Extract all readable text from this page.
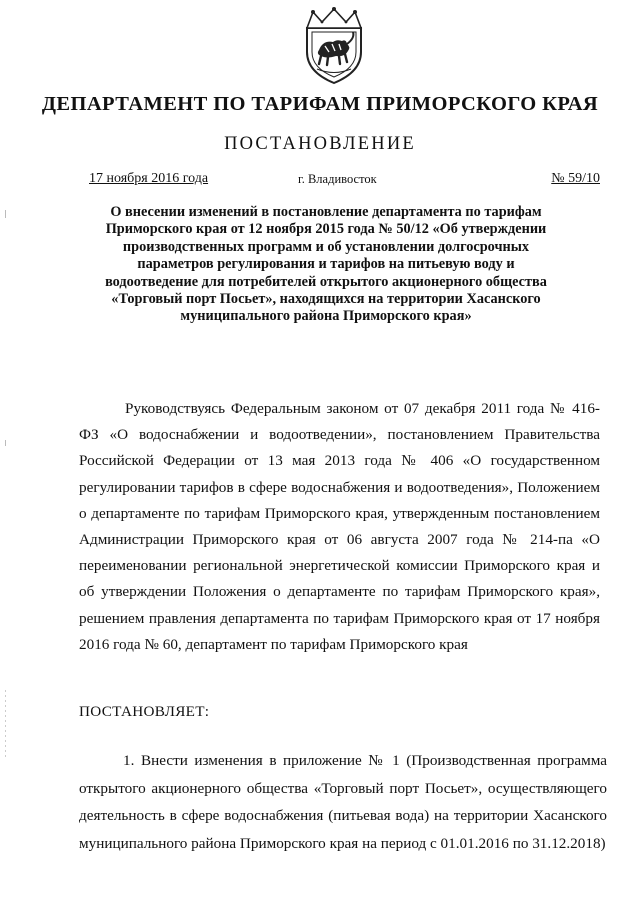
ДЕПАРТАМЕНТ ПО ТАРИФАМ ПРИМОРСКОГО КРАЯ
ПОСТАНОВЛЕНИЕ
17 ноября 2016 года	г. Владивосток	№ 59/10

О внесении изменений в постановление департамента по тарифам Приморского края от 12 ноября 2015 года № 50/12 «Об утверждении производственных программ и об установлении долгосрочных параметров регулирования и тарифов на питьевую воду и водоотведение для потребителей открытого акционерного общества «Торговый порт Посьет», находящихся на территории Хасанского муниципального района Приморского края»

Руководствуясь Федеральным законом от 07 декабря 2011 года № 416-ФЗ «О водоснабжении и водоотведении», постановлением Правительства Российской Федерации от 13 мая 2013 года № 406 «О государственном регулировании тарифов в сфере водоснабжения и водоотведения», Положением о департаменте по тарифам Приморского края, утвержденным постановлением Администрации Приморского края от 06 августа 2007 года № 214-па «О переименовании региональной энергетической комиссии Приморского края и об утверждении Положения о департаменте по тарифам Приморского края», решением правления департамента по тарифам Приморского края от 17 ноября 2016 года № 60, департамент по тарифам Приморского края

ПОСТАНОВЛЯЕТ:

1. Внести изменения в приложение № 1 (Производственная программа открытого акционерного общества «Торговый порт Посьет», осуществляющего деятельность в сфере водоснабжения (питьевая вода) на территории Хасанского муниципального района Приморского края на период с 01.01.2016 по 31.12.2018)
